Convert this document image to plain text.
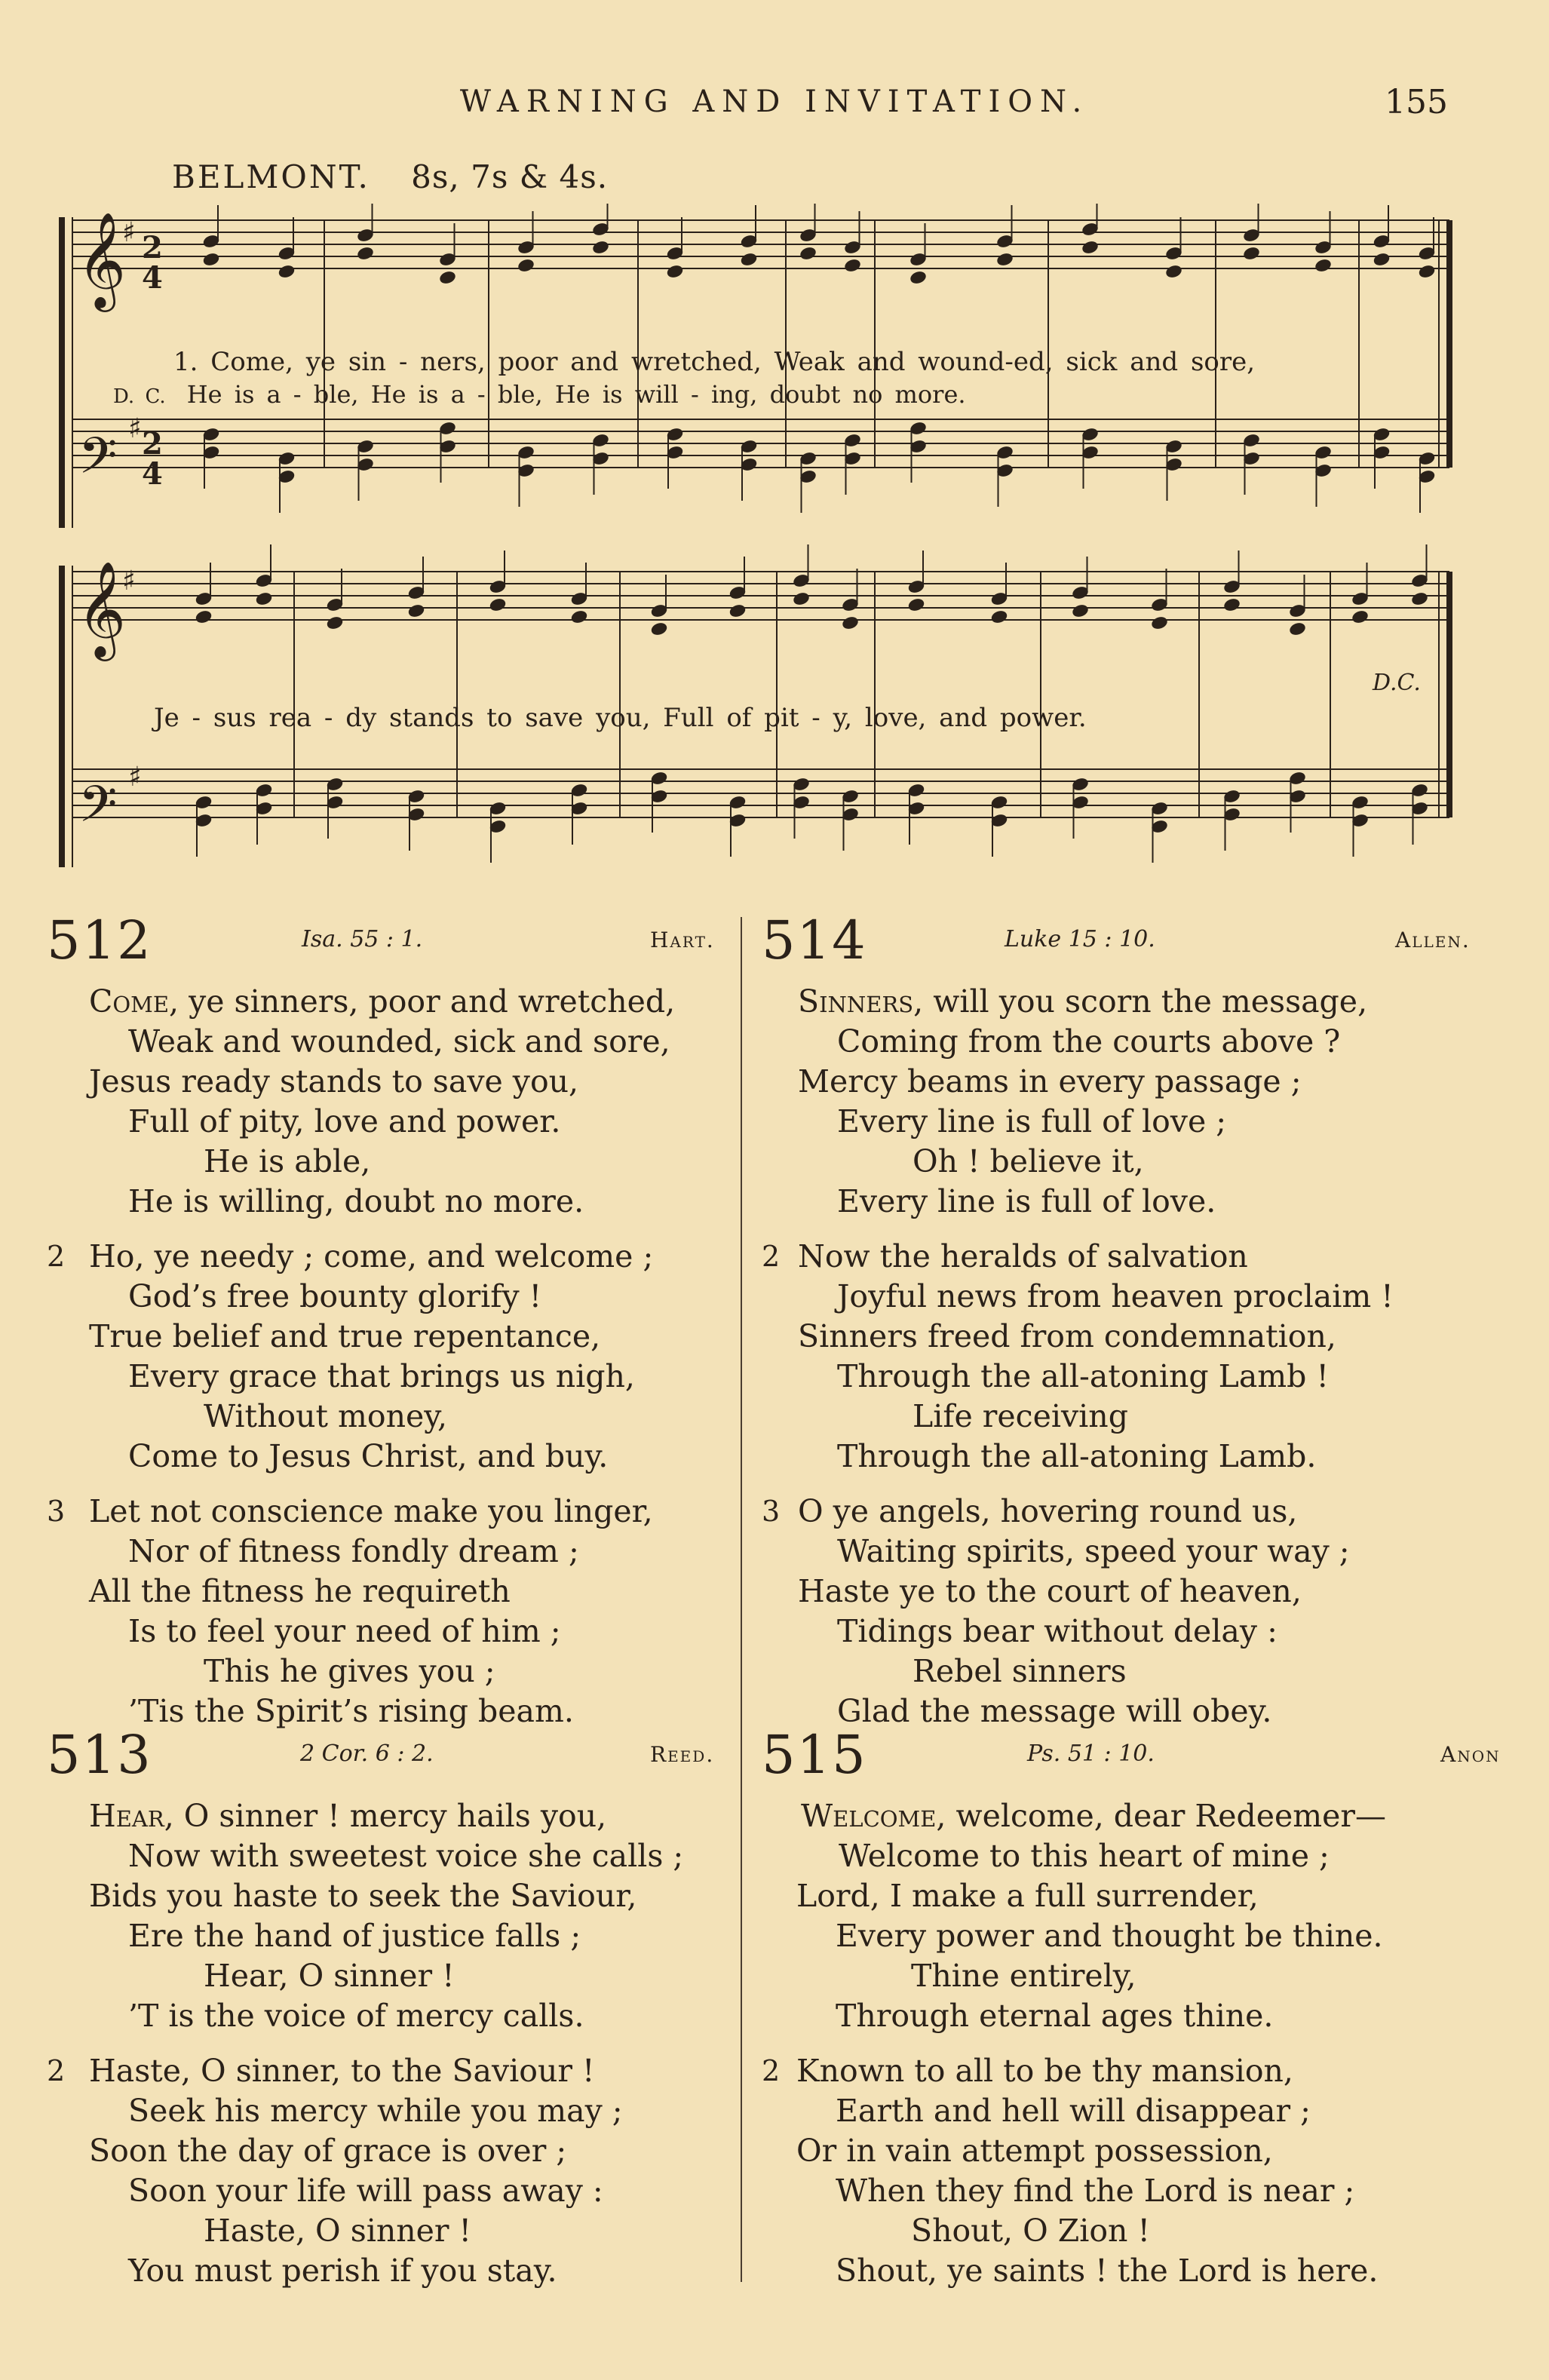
WARNING AND INVITATION.	155
BELMONT. 8s, 7s & 4s.
𝄞
𝄢
𝄞
𝄢
2
4
2
4
♯
♯
♯
♯
1. Come, ye sin - ners, poor and wretched, Weak and wound-ed, sick and sore,
D. C. He is a - ble, He is a - ble, He is will - ing, doubt no more.
Je - sus rea - dy stands to save you, Full of pit - y, love, and power.
D.C.
512	Isa. 55 : 1.	Hart.
Come, ye sinners, poor and wretched,
Weak and wounded, sick and sore,
Jesus ready stands to save you,
Full of pity, love and power.
He is able,
He is willing, doubt no more.
2 Ho, ye needy ; come, and welcome ;
God’s free bounty glorify !
True belief and true repentance,
Every grace that brings us nigh,
Without money,
Come to Jesus Christ, and buy.
3 Let not conscience make you linger,
Nor of fitness fondly dream ;
All the fitness he requireth
Is to feel your need of him ;
This he gives you ;
’Tis the Spirit’s rising beam.
513	2 Cor. 6 : 2.	Reed.
Hear, O sinner ! mercy hails you,
Now with sweetest voice she calls ;
Bids you haste to seek the Saviour,
Ere the hand of justice falls ;
Hear, O sinner !
’T is the voice of mercy calls.
2 Haste, O sinner, to the Saviour !
Seek his mercy while you may ;
Soon the day of grace is over ;
Soon your life will pass away :
Haste, O sinner !
You must perish if you stay.
514	Luke 15 : 10.	Allen.
Sinners, will you scorn the message,
Coming from the courts above ?
Mercy beams in every passage ;
Every line is full of love ;
Oh ! believe it,
Every line is full of love.
2 Now the heralds of salvation
Joyful news from heaven proclaim !
Sinners freed from condemnation,
Through the all-atoning Lamb !
Life receiving
Through the all-atoning Lamb.
3 O ye angels, hovering round us,
Waiting spirits, speed your way ;
Haste ye to the court of heaven,
Tidings bear without delay :
Rebel sinners
Glad the message will obey.
515	Ps. 51 : 10.	Anon
Welcome, welcome, dear Redeemer—
Welcome to this heart of mine ;
Lord, I make a full surrender,
Every power and thought be thine.
Thine entirely,
Through eternal ages thine.
2 Known to all to be thy mansion,
Earth and hell will disappear ;
Or in vain attempt possession,
When they find the Lord is near ;
Shout, O Zion !
Shout, ye saints ! the Lord is here.
